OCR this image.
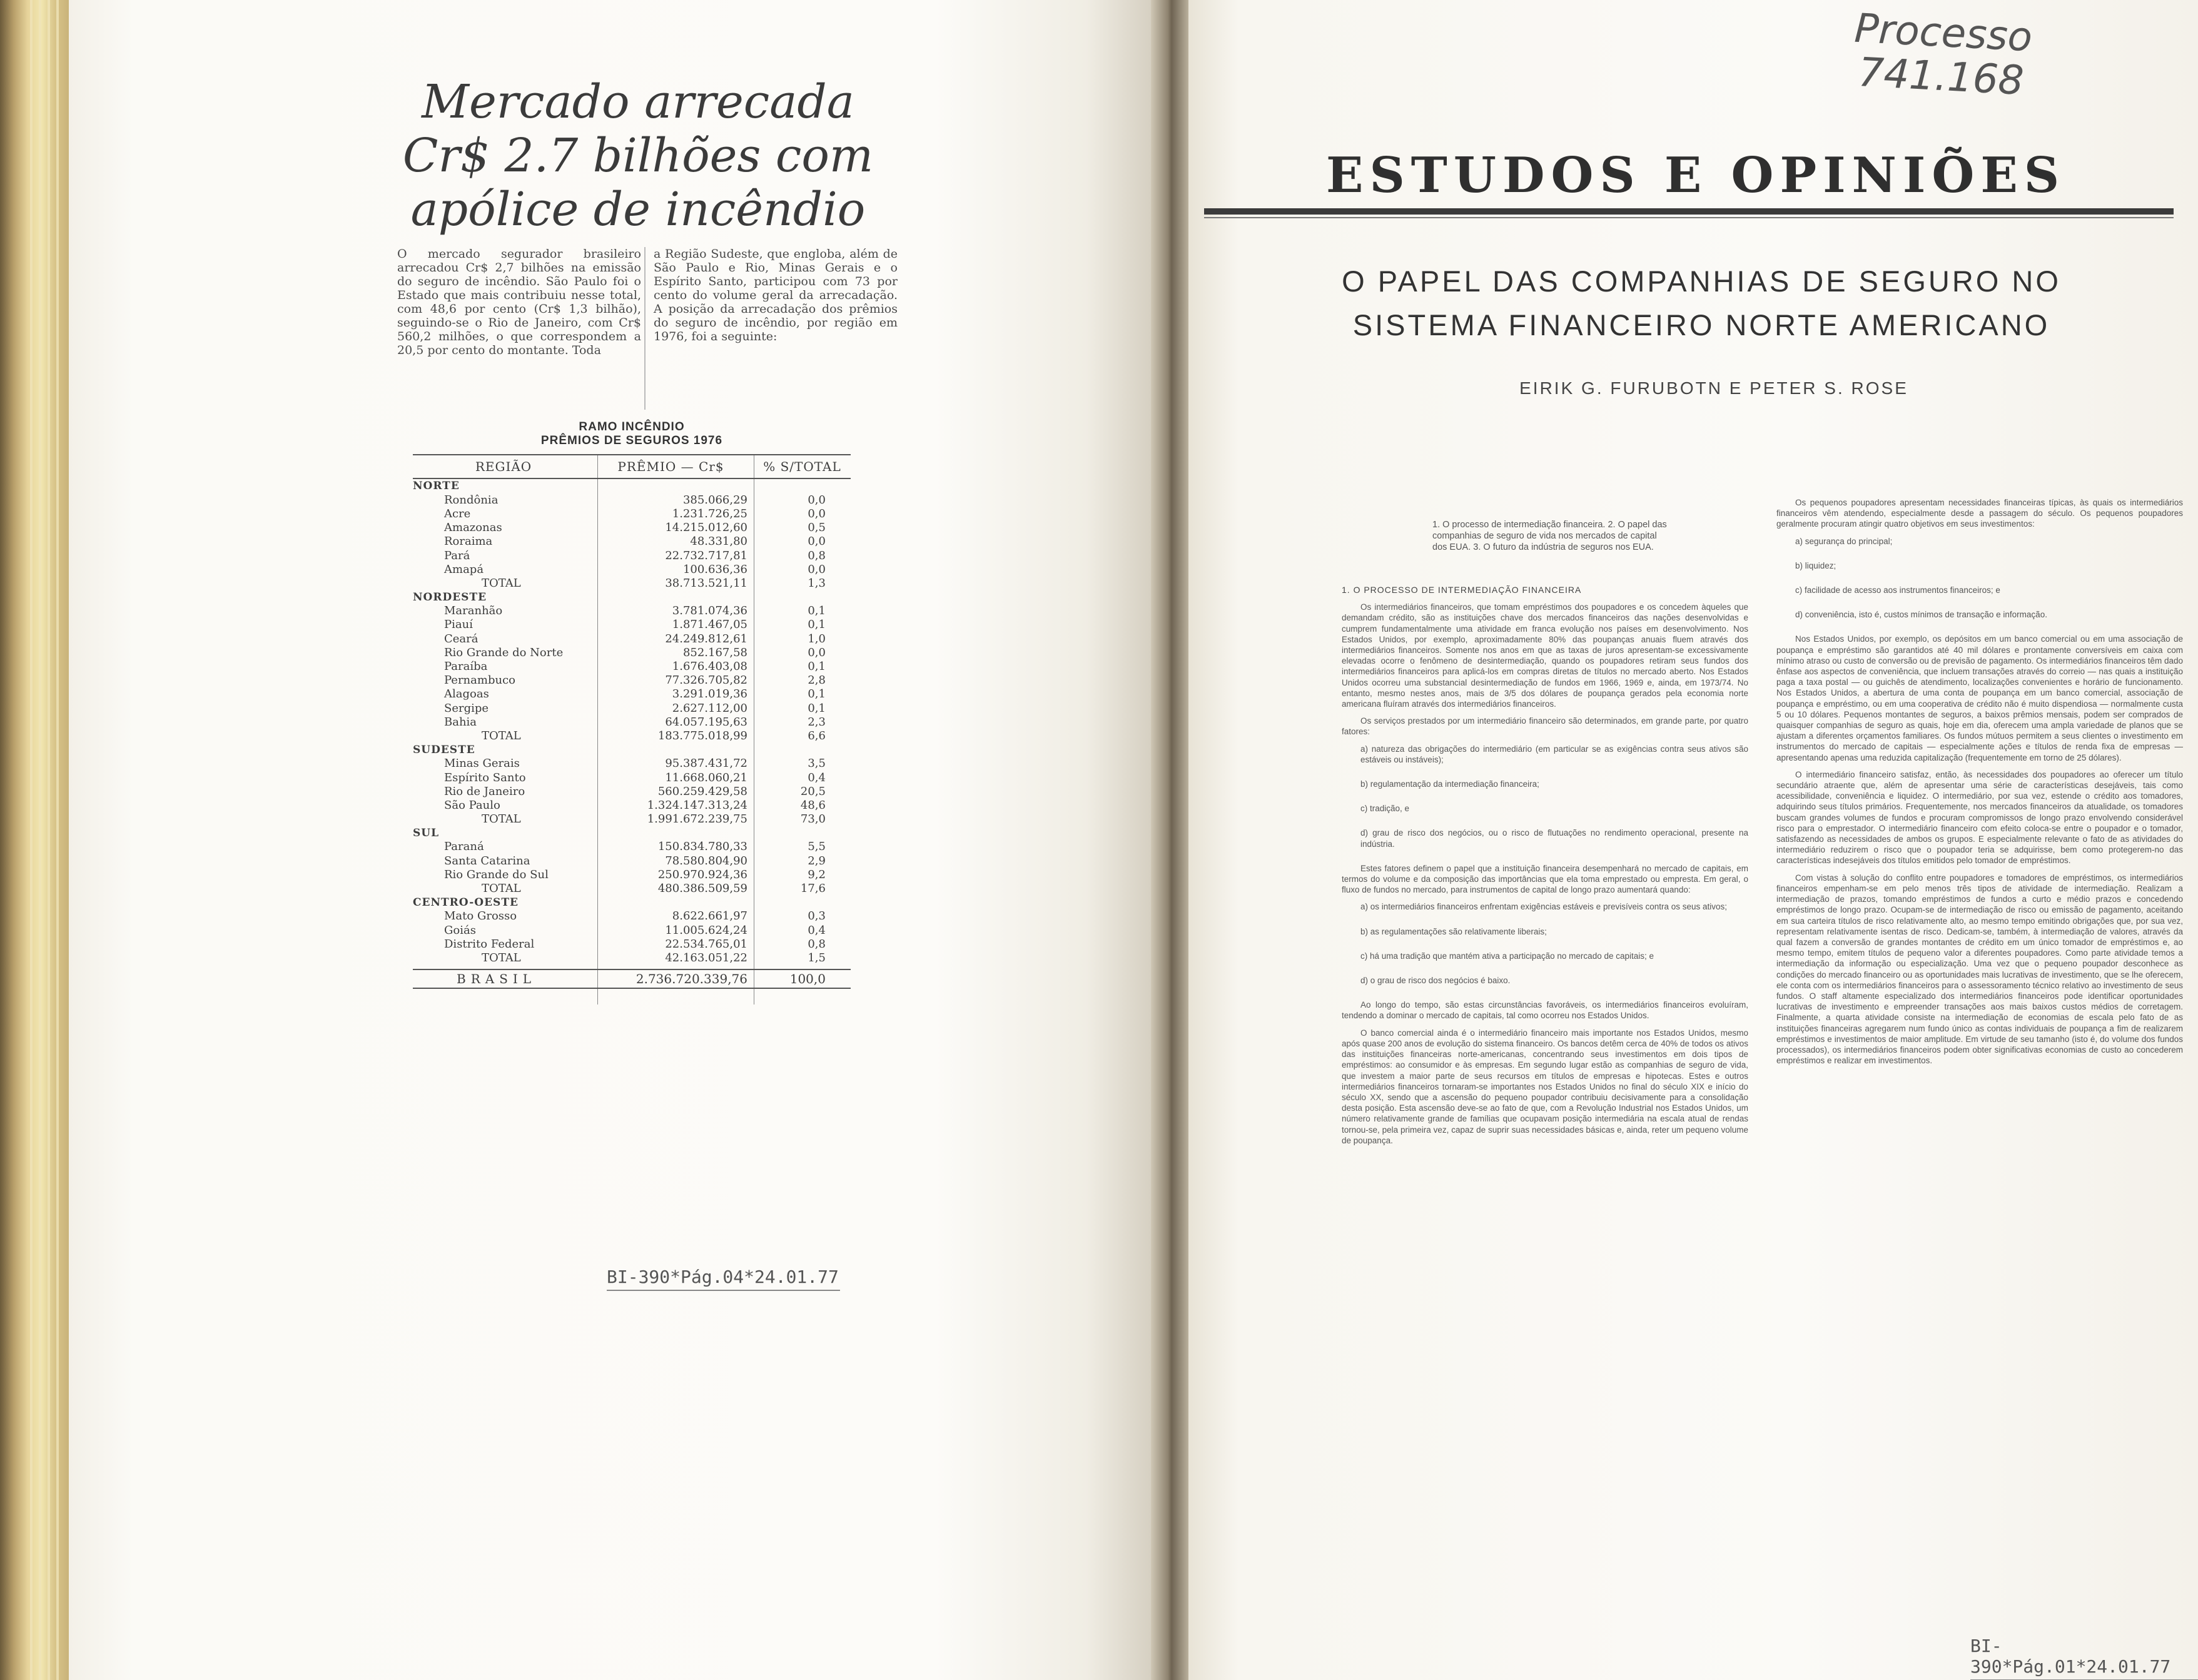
Mercado arrecada Cr$ 2.7 bilhões com apólice de incêndio
O mercado segurador brasileiro arrecadou Cr$ 2,7 bilhões na emissão do seguro de incêndio. São Paulo foi o Estado que mais contribuiu nesse total, com 48,6 por cento (Cr$ 1,3 bilhão), seguindo-se o Rio de Janeiro, com Cr$ 560,2 milhões, o que correspondem a 20,5 por cento do montante. Toda
a Região Sudeste, que engloba, além de São Paulo e Rio, Minas Gerais e o Espírito Santo, participou com 73 por cento do volume geral da arrecadação. A posição da arrecadação dos prêmios do seguro de incêndio, por região em 1976, foi a seguinte:
RAMO INCÊNDIO
PRÊMIOS DE SEGUROS 1976
REGIÃO	PRÊMIO — Cr$	% S/TOTAL
NORTE
Rondônia	385.066,29	0,0
Acre	1.231.726,25	0,0
Amazonas	14.215.012,60	0,5
Roraima	48.331,80	0,0
Pará	22.732.717,81	0,8
Amapá	100.636,36	0,0
TOTAL	38.713.521,11	1,3
NORDESTE
Maranhão	3.781.074,36	0,1
Piauí	1.871.467,05	0,1
Ceará	24.249.812,61	1,0
Rio Grande do Norte	852.167,58	0,0
Paraíba	1.676.403,08	0,1
Pernambuco	77.326.705,82	2,8
Alagoas	3.291.019,36	0,1
Sergipe	2.627.112,00	0,1
Bahia	64.057.195,63	2,3
TOTAL	183.775.018,99	6,6
SUDESTE
Minas Gerais	95.387.431,72	3,5
Espírito Santo	11.668.060,21	0,4
Rio de Janeiro	560.259.429,58	20,5
São Paulo	1.324.147.313,24	48,6
TOTAL	1.991.672.239,75	73,0
SUL
Paraná	150.834.780,33	5,5
Santa Catarina	78.580.804,90	2,9
Rio Grande do Sul	250.970.924,36	9,2
TOTAL	480.386.509,59	17,6
CENTRO-OESTE
Mato Grosso	8.622.661,97	0,3
Goiás	11.005.624,24	0,4
Distrito Federal	22.534.765,01	0,8
TOTAL	42.163.051,22	1,5
BRASIL	2.736.720.339,76	100,0
BI-390*Pág.04*24.01.77
Processo
741.168
ESTUDOS E OPINIÕES
O PAPEL DAS COMPANHIAS DE SEGURO NO
SISTEMA FINANCEIRO NORTE AMERICANO
EIRIK G. FURUBOTN E PETER S. ROSE
1. O processo de intermediação financeira. 2. O papel das companhias de seguro de vida nos mercados de capital dos EUA. 3. O futuro da indústria de seguros nos EUA.
1. O PROCESSO DE INTERMEDIAÇÃO FINANCEIRA

Os intermediários financeiros, que tomam empréstimos dos poupadores e os concedem àqueles que demandam crédito, são as instituições chave dos mercados financeiros das nações desenvolvidas e cumprem fundamentalmente uma atividade em franca evolução nos países em desenvolvimento. Nos Estados Unidos, por exemplo, aproximadamente 80% das poupanças anuais fluem através dos intermediários financeiros. Somente nos anos em que as taxas de juros apresentam-se excessivamente elevadas ocorre o fenômeno de desintermediação, quando os poupadores retiram seus fundos dos intermediários financeiros para aplicá-los em compras diretas de títulos no mercado aberto. Nos Estados Unidos ocorreu uma substancial desintermediação de fundos em 1966, 1969 e, ainda, em 1973/74. No entanto, mesmo nestes anos, mais de 3/5 dos dólares de poupança gerados pela economia norte americana fluíram através dos intermediários financeiros.

Os serviços prestados por um intermediário financeiro são determinados, em grande parte, por quatro fatores:

a) natureza das obrigações do intermediário (em particular se as exigências contra seus ativos são estáveis ou instáveis);

b) regulamentação da intermediação financeira;

c) tradição, e

d) grau de risco dos negócios, ou o risco de flutuações no rendimento operacional, presente na indústria.

Estes fatores definem o papel que a instituição financeira desempenhará no mercado de capitais, em termos do volume e da composição das importâncias que ela toma emprestado ou empresta. Em geral, o fluxo de fundos no mercado, para instrumentos de capital de longo prazo aumentará quando:

a) os intermediários financeiros enfrentam exigências estáveis e previsíveis contra os seus ativos;

b) as regulamentações são relativamente liberais;

c) há uma tradição que mantém ativa a participação no mercado de capitais; e

d) o grau de risco dos negócios é baixo.

Ao longo do tempo, são estas circunstâncias favoráveis, os intermediários financeiros evoluíram, tendendo a dominar o mercado de capitais, tal como ocorreu nos Estados Unidos.

O banco comercial ainda é o intermediário financeiro mais importante nos Estados Unidos, mesmo após quase 200 anos de evolução do sistema financeiro. Os bancos detêm cerca de 40% de todos os ativos das instituições financeiras norte-americanas, concentrando seus investimentos em dois tipos de empréstimos: ao consumidor e às empresas. Em segundo lugar estão as companhias de seguro de vida, que investem a maior parte de seus recursos em títulos de empresas e hipotecas. Estes e outros intermediários financeiros tornaram-se importantes nos Estados Unidos no final do século XIX e início do século XX, sendo que a ascensão do pequeno poupador contribuiu decisivamente para a consolidação desta posição. Esta ascensão deve-se ao fato de que, com a Revolução Industrial nos Estados Unidos, um número relativamente grande de famílias que ocupavam posição intermediária na escala atual de rendas tornou-se, pela primeira vez, capaz de suprir suas necessidades básicas e, ainda, reter um pequeno volume de poupança.

Os pequenos poupadores apresentam necessidades financeiras típicas, às quais os intermediários financeiros vêm atendendo, especialmente desde a passagem do século. Os pequenos poupadores geralmente procuram atingir quatro objetivos em seus investimentos:

a) segurança do principal;

b) liquidez;

c) facilidade de acesso aos instrumentos financeiros; e

d) conveniência, isto é, custos mínimos de transação e informação.

Nos Estados Unidos, por exemplo, os depósitos em um banco comercial ou em uma associação de poupança e empréstimo são garantidos até 40 mil dólares e prontamente conversíveis em caixa com mínimo atraso ou custo de conversão ou de previsão de pagamento. Os intermediários financeiros têm dado ênfase aos aspectos de conveniência, que incluem transações através do correio — nas quais a instituição paga a taxa postal — ou guichês de atendimento, localizações convenientes e horário de funcionamento. Nos Estados Unidos, a abertura de uma conta de poupança em um banco comercial, associação de poupança e empréstimo, ou em uma cooperativa de crédito não é muito dispendiosa — normalmente custa 5 ou 10 dólares. Pequenos montantes de seguros, a baixos prêmios mensais, podem ser comprados de quaisquer companhias de seguro as quais, hoje em dia, oferecem uma ampla variedade de planos que se ajustam a diferentes orçamentos familiares. Os fundos mútuos permitem a seus clientes o investimento em instrumentos do mercado de capitais — especialmente ações e títulos de renda fixa de empresas — apresentando apenas uma reduzida capitalização (frequentemente em torno de 25 dólares).

O intermediário financeiro satisfaz, então, às necessidades dos poupadores ao oferecer um título secundário atraente que, além de apresentar uma série de características desejáveis, tais como acessibilidade, conveniência e liquidez. O intermediário, por sua vez, estende o crédito aos tomadores, adquirindo seus títulos primários. Frequentemente, nos mercados financeiros da atualidade, os tomadores buscam grandes volumes de fundos e procuram compromissos de longo prazo envolvendo considerável risco para o emprestador. O intermediário financeiro com efeito coloca-se entre o poupador e o tomador, satisfazendo as necessidades de ambos os grupos. E especialmente relevante o fato de as atividades do intermediário reduzirem o risco que o poupador teria se adquirisse, bem como protegerem-no das características indesejáveis dos títulos emitidos pelo tomador de empréstimos.

Com vistas à solução do conflito entre poupadores e tomadores de empréstimos, os intermediários financeiros empenham-se em pelo menos três tipos de atividade de intermediação. Realizam a intermediação de prazos, tomando empréstimos de fundos a curto e médio prazos e concedendo empréstimos de longo prazo. Ocupam-se de intermediação de risco ou emissão de pagamento, aceitando em sua carteira títulos de risco relativamente alto, ao mesmo tempo emitindo obrigações que, por sua vez, representam relativamente isentas de risco. Dedicam-se, também, à intermediação de valores, através da qual fazem a conversão de grandes montantes de crédito em um único tomador de empréstimos e, ao mesmo tempo, emitem títulos de pequeno valor a diferentes poupadores. Como parte atividade temos a intermediação da informação ou especialização. Uma vez que o pequeno poupador desconhece as condições do mercado financeiro ou as oportunidades mais lucrativas de investimento, que se lhe oferecem, ele conta com os intermediários financeiros para o assessoramento técnico relativo ao investimento de seus fundos. O staff altamente especializado dos intermediários financeiros pode identificar oportunidades lucrativas de investimento e empreender transações aos mais baixos custos médios de corretagem. Finalmente, a quarta atividade consiste na intermediação de economias de escala pelo fato de as instituições financeiras agregarem num fundo único as contas individuais de poupança a fim de realizarem empréstimos e investimentos de maior amplitude. Em virtude de seu tamanho (isto é, do volume dos fundos processados), os intermediários financeiros podem obter significativas economias de custo ao concederem empréstimos e realizar em investimentos.

BI-390*Pág.01*24.01.77
